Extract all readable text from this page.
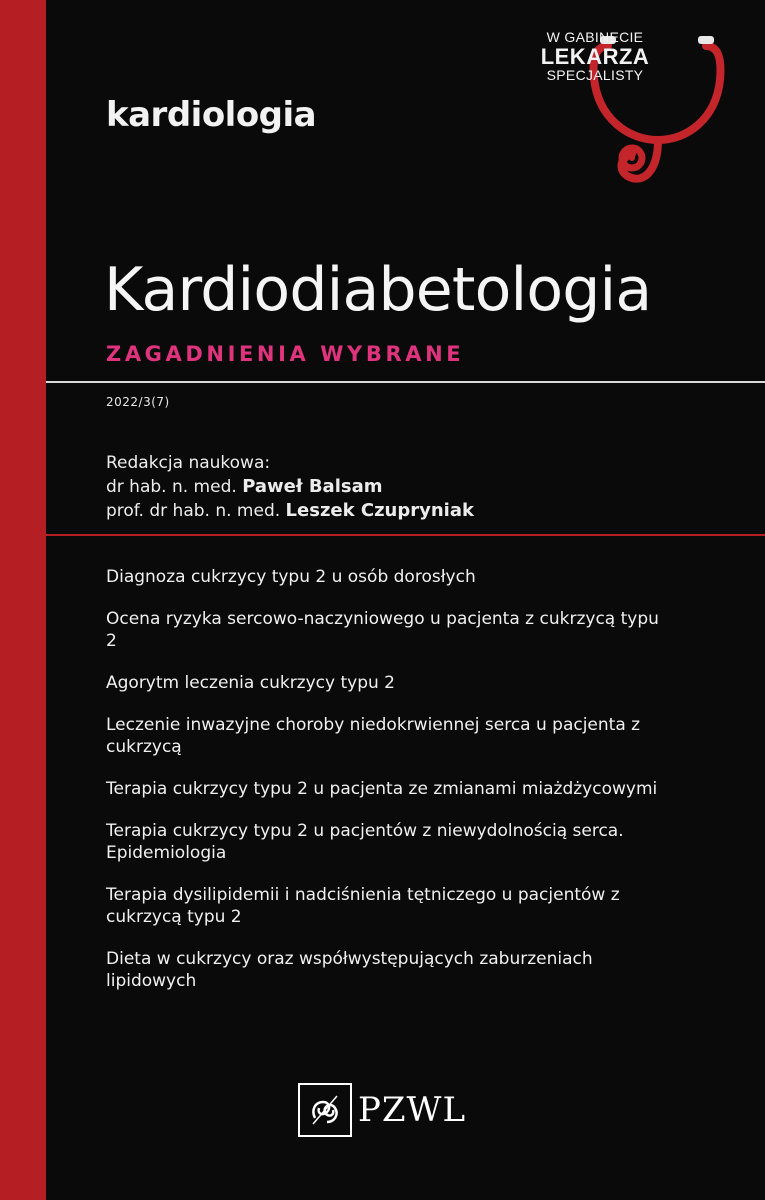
kardiologia
W GABINECIE
LEKARZA
SPECJALISTY
Kardiodiabetologia
ZAGADNIENIA WYBRANE
2022/3(7)
Redakcja naukowa:
dr hab. n. med. Paweł Balsam
prof. dr hab. n. med. Leszek Czupryniak
Diagnoza cukrzycy typu 2 u osób dorosłych
Ocena ryzyka sercowo-naczyniowego u pacjenta z cukrzycą typu 2
Agorytm leczenia cukrzycy typu 2
Leczenie inwazyjne choroby niedokrwiennej serca u pacjenta z cukrzycą
Terapia cukrzycy typu 2 u pacjenta ze zmianami miażdżycowymi
Terapia cukrzycy typu 2 u pacjentów z niewydolnością serca. Epidemiologia
Terapia dysilipidemii i nadciśnienia tętniczego u pacjentów z cukrzycą typu 2
Dieta w cukrzycy oraz współwystępujących zaburzeniach lipidowych
PZWL
